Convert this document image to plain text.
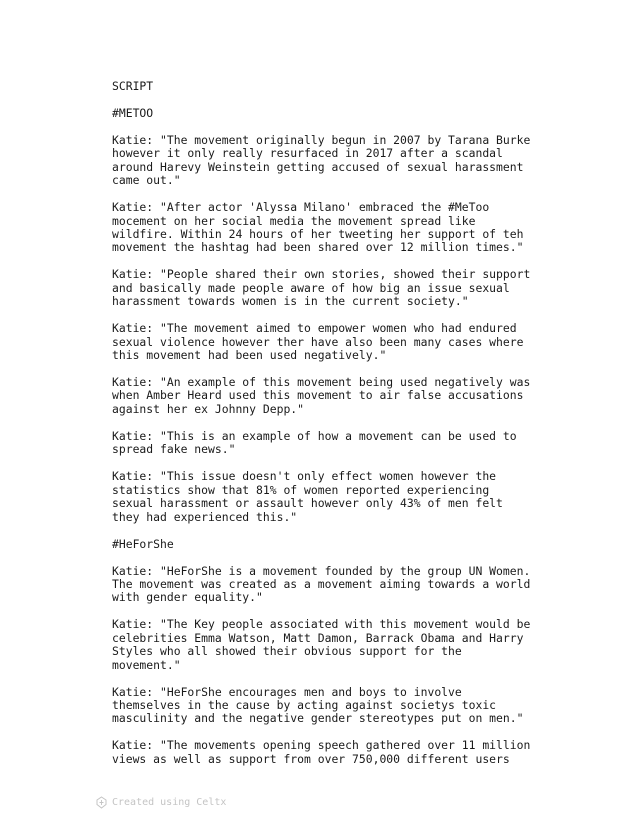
SCRIPT

#METOO

Katie: "The movement originally begun in 2007 by Tarana Burke
however it only really resurfaced in 2017 after a scandal
around Harevy Weinstein getting accused of sexual harassment
came out."

Katie: "After actor 'Alyssa Milano' embraced the #MeToo
mocement on her social media the movement spread like
wildfire. Within 24 hours of her tweeting her support of teh
movement the hashtag had been shared over 12 million times."

Katie: "People shared their own stories, showed their support
and basically made people aware of how big an issue sexual
harassment towards women is in the current society."

Katie: "The movement aimed to empower women who had endured
sexual violence however ther have also been many cases where
this movement had been used negatively."

Katie: "An example of this movement being used negatively was
when Amber Heard used this movement to air false accusations
against her ex Johnny Depp."

Katie: "This is an example of how a movement can be used to
spread fake news."

Katie: "This issue doesn't only effect women however the
statistics show that 81% of women reported experiencing
sexual harassment or assault however only 43% of men felt
they had experienced this."

#HeForShe

Katie: "HeForShe is a movement founded by the group UN Women.
The movement was created as a movement aiming towards a world
with gender equality."

Katie: "The Key people associated with this movement would be
celebrities Emma Watson, Matt Damon, Barrack Obama and Harry
Styles who all showed their obvious support for the
movement."

Katie: "HeForShe encourages men and boys to involve
themselves in the cause by acting against societys toxic
masculinity and the negative gender stereotypes put on men."

Katie: "The movements opening speech gathered over 11 million
views as well as support from over 750,000 different users

Created using Celtx
